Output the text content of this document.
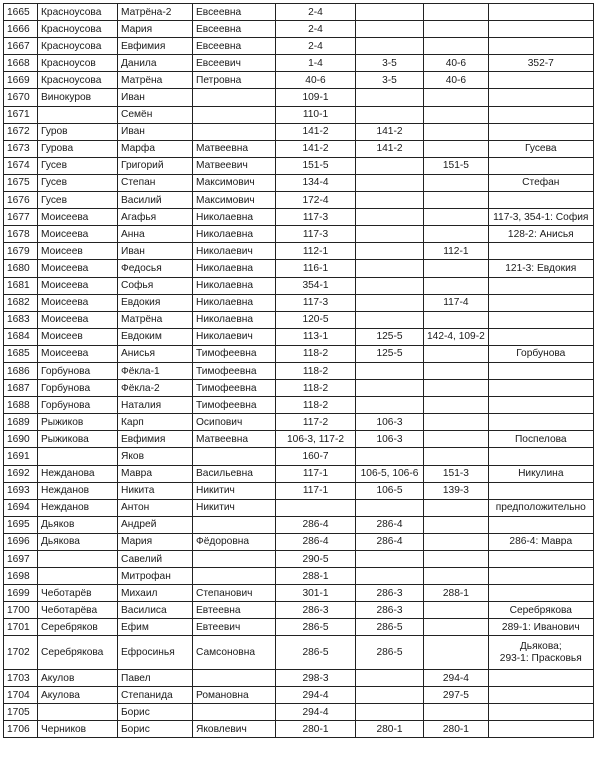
1665	Красноусова	Матрёна-2	Евсеевна	2-4			
1666	Красноусова	Мария	Евсеевна	2-4			
1667	Красноусова	Евфимия	Евсеевна	2-4			
1668	Красноусов	Данила	Евсеевич	1-4	3-5	40-6	352-7
1669	Красноусова	Матрёна	Петровна	40-6	3-5	40-6	
1670	Винокуров	Иван		109-1			
1671		Семён		110-1			
1672	Гуров	Иван		141-2	141-2		
1673	Гурова	Марфа	Матвеевна	141-2	141-2		Гусева
1674	Гусев	Григорий	Матвеевич	151-5		151-5	
1675	Гусев	Степан	Максимович	134-4			Стефан
1676	Гусев	Василий	Максимович	172-4			
1677	Моисеева	Агафья	Николаевна	117-3			117-3, 354-1: София
1678	Моисеева	Анна	Николаевна	117-3			128-2: Анисья
1679	Моисеев	Иван	Николаевич	112-1		112-1	
1680	Моисеева	Федосья	Николаевна	116-1			121-3: Евдокия
1681	Моисеева	Софья	Николаевна	354-1			
1682	Моисеева	Евдокия	Николаевна	117-3		117-4	
1683	Моисеева	Матрёна	Николаевна	120-5			
1684	Моисеев	Евдоким	Николаевич	113-1	125-5	142-4, 109-2	
1685	Моисеева	Анисья	Тимофеевна	118-2	125-5		Горбунова
1686	Горбунова	Фёкла-1	Тимофеевна	118-2			
1687	Горбунова	Фёкла-2	Тимофеевна	118-2			
1688	Горбунова	Наталия	Тимофеевна	118-2			
1689	Рыжиков	Карп	Осипович	117-2	106-3		
1690	Рыжикова	Евфимия	Матвеевна	106-3, 117-2	106-3		Поспелова
1691		Яков		160-7			
1692	Нежданова	Мавра	Васильевна	117-1	106-5, 106-6	151-3	Никулина
1693	Нежданов	Никита	Никитич	117-1	106-5	139-3	
1694	Нежданов	Антон	Никитич				предположительно
1695	Дьяков	Андрей		286-4	286-4		
1696	Дьякова	Мария	Фёдоровна	286-4	286-4		286-4: Мавра
1697		Савелий		290-5			
1698		Митрофан		288-1			
1699	Чеботарёв	Михаил	Степанович	301-1	286-3	288-1	
1700	Чеботарёва	Василиса	Евтеевна	286-3	286-3		Серебрякова
1701	Серебряков	Ефим	Евтеевич	286-5	286-5		289-1: Иванович
1702	Серебрякова	Ефросинья	Самсоновна	286-5	286-5		Дьякова;
293-1: Прасковья

1703	Акулов	Павел		298-3		294-4	
1704	Акулова	Степанида	Романовна	294-4		297-5	
1705		Борис		294-4			
1706	Черников	Борис	Яковлевич	280-1	280-1	280-1	
